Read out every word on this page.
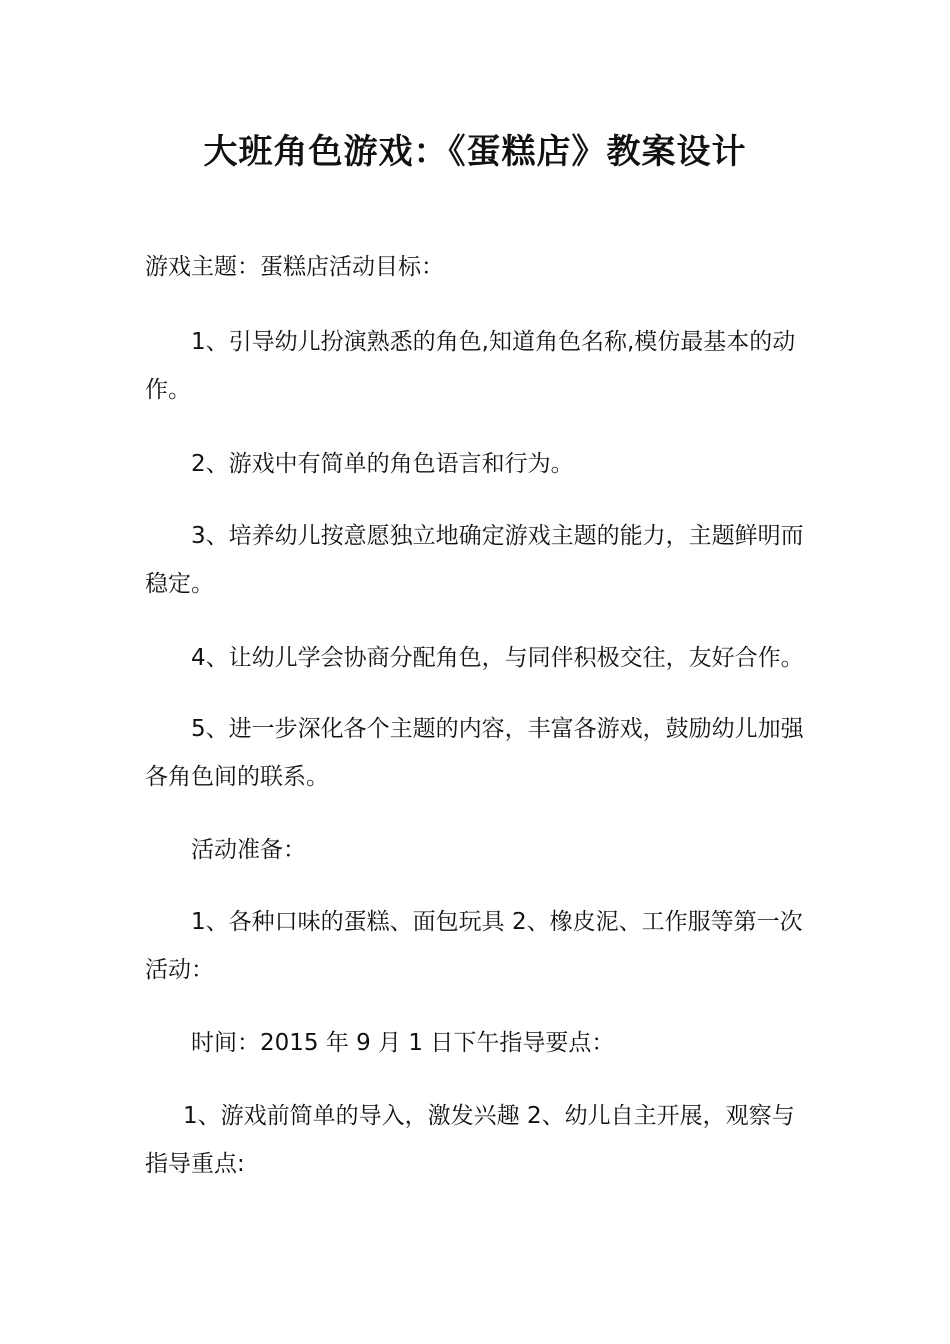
大班角色游戏：《蛋糕店》教案设计

游戏主题：蛋糕店活动目标：

1、引导幼儿扮演熟悉的角色,知道角色名称,模仿最基本的动作。

2、游戏中有简单的角色语言和行为。

3、培养幼儿按意愿独立地确定游戏主题的能力，主题鲜明而稳定。

4、让幼儿学会协商分配角色，与同伴积极交往，友好合作。

5、进一步深化各个主题的内容，丰富各游戏，鼓励幼儿加强各角色间的联系。

活动准备：

1、各种口味的蛋糕、面包玩具 2、橡皮泥、工作服等第一次活动：

时间：2015 年 9 月 1 日下午指导要点：

1、游戏前简单的导入，激发兴趣 2、幼儿自主开展，观察与指导重点:
